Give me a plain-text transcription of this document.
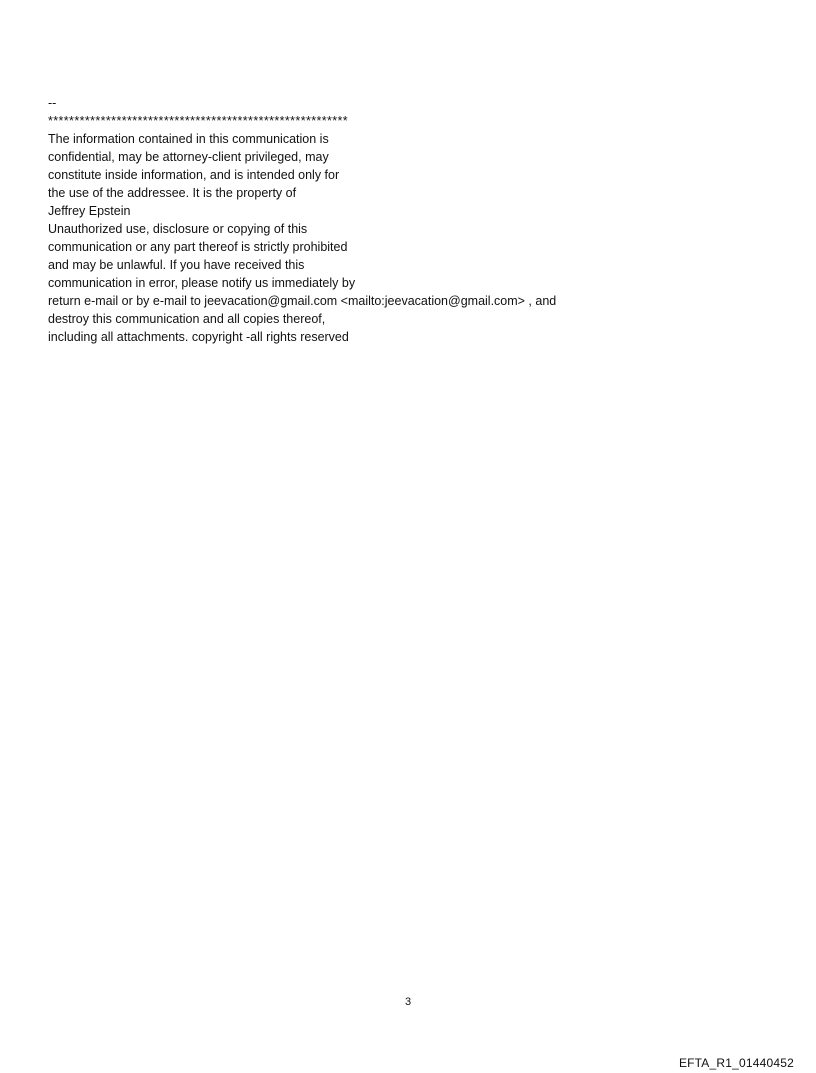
--
*********************************************************
The information contained in this communication is
confidential, may be attorney-client privileged, may
constitute inside information, and is intended only for
the use of the addressee. It is the property of
Jeffrey Epstein
Unauthorized use, disclosure or copying of this
communication or any part thereof is strictly prohibited
and may be unlawful. If you have received this
communication in error, please notify us immediately by
return e-mail or by e-mail to jeevacation@gmail.com <mailto:jeevacation@gmail.com> , and
destroy this communication and all copies thereof,
including all attachments. copyright -all rights reserved
3
EFTA_R1_01440452
